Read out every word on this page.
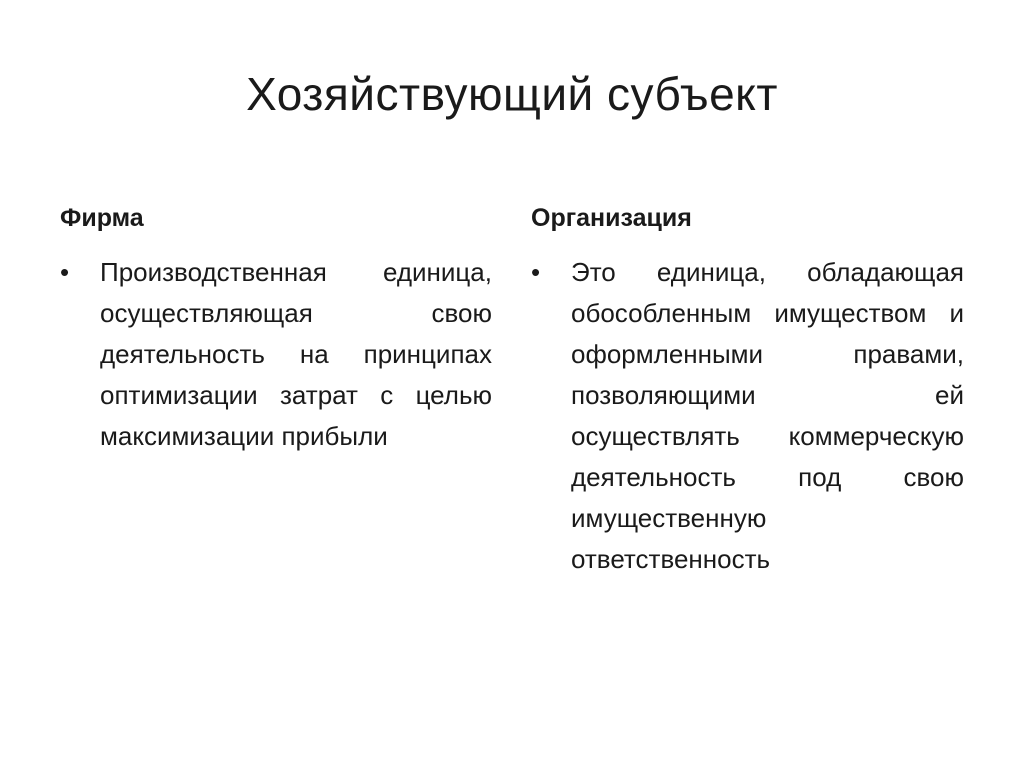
Хозяйствующий субъект
Фирма
•	Производственная единица, осуществляющая свою деятельность на принципах оптимизации затрат с целью максимизации прибыли
Организация
•	Это единица, обладающая обособленным имуществом и оформленными правами, позволяющими ей осуществлять коммерческую деятельность под свою имущественную ответственность
